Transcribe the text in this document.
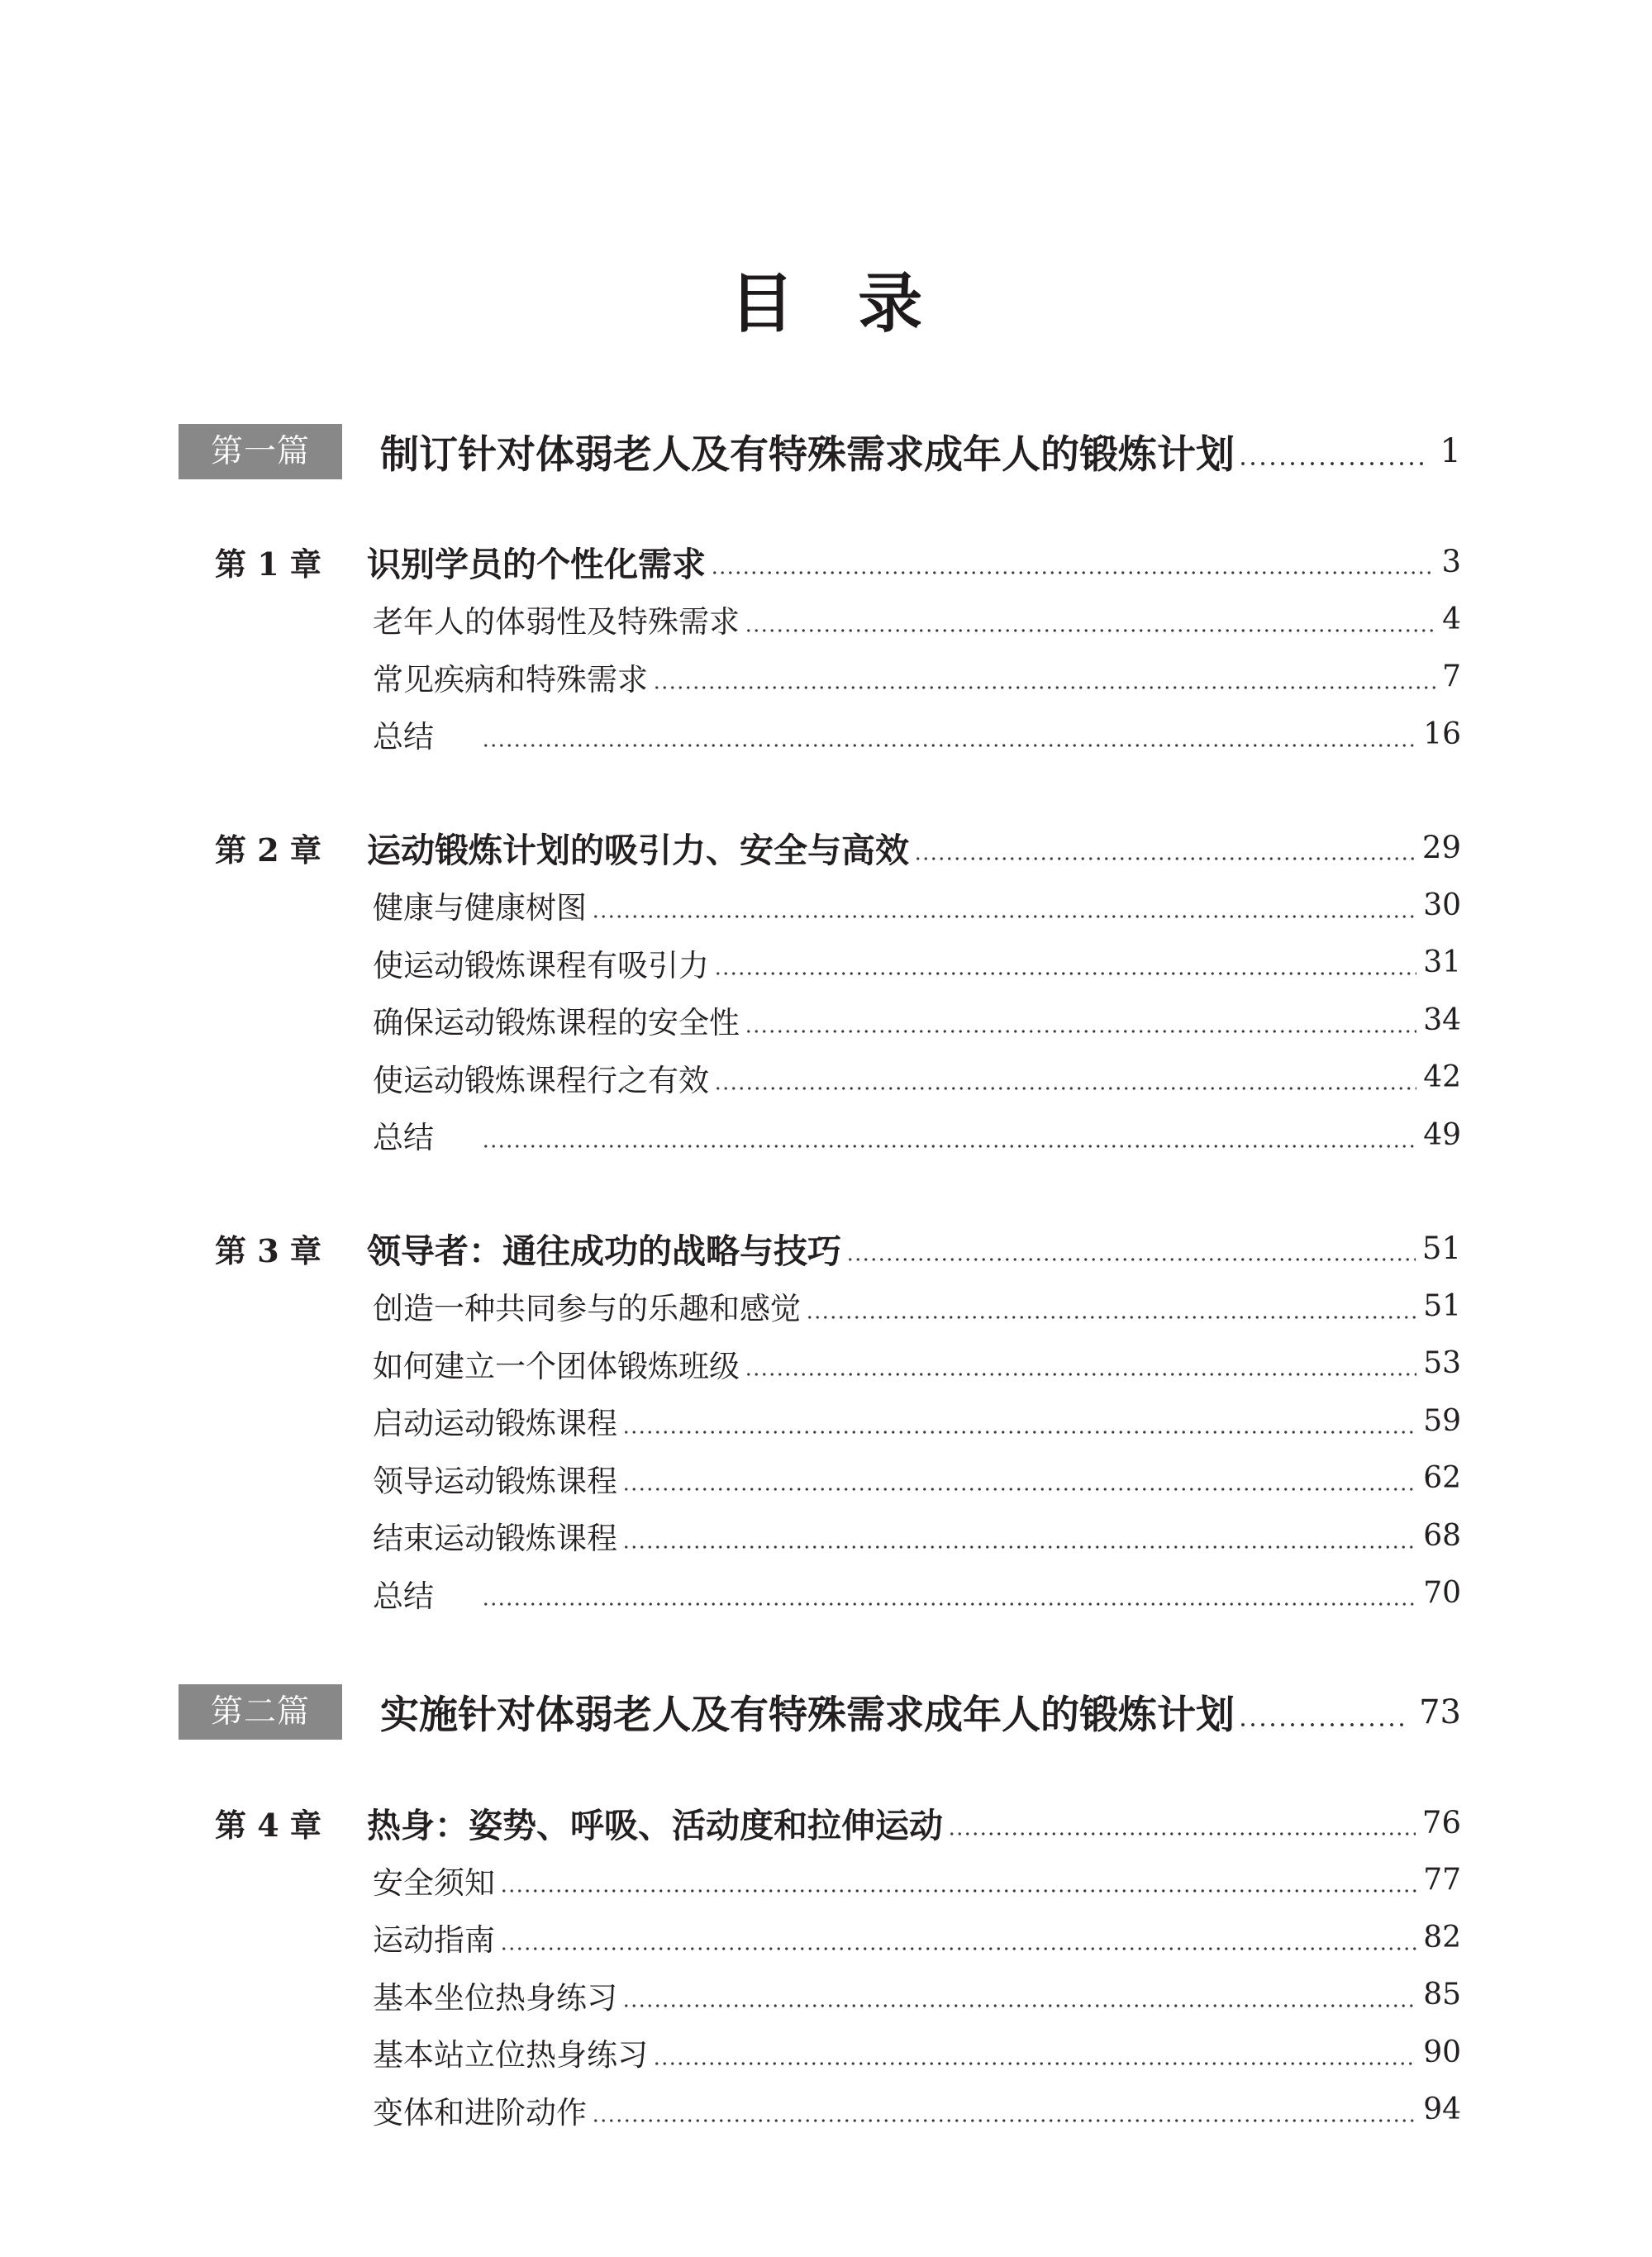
目 录
第一篇	制订针对体弱老人及有特殊需求成年人的锻炼计划	1
第 1 章	识别学员的个性化需求	3
老年人的体弱性及特殊需求	4
常见疾病和特殊需求	7
总结	16
第 2 章	运动锻炼计划的吸引力、安全与高效	29
健康与健康树图	30
使运动锻炼课程有吸引力	31
确保运动锻炼课程的安全性	34
使运动锻炼课程行之有效	42
总结	49
第 3 章	领导者：通往成功的战略与技巧	51
创造一种共同参与的乐趣和感觉	51
如何建立一个团体锻炼班级	53
启动运动锻炼课程	59
领导运动锻炼课程	62
结束运动锻炼课程	68
总结	70
第二篇	实施针对体弱老人及有特殊需求成年人的锻炼计划	73
第 4 章	热身：姿势、呼吸、活动度和拉伸运动	76
安全须知	77
运动指南	82
基本坐位热身练习	85
基本站立位热身练习	90
变体和进阶动作	94
